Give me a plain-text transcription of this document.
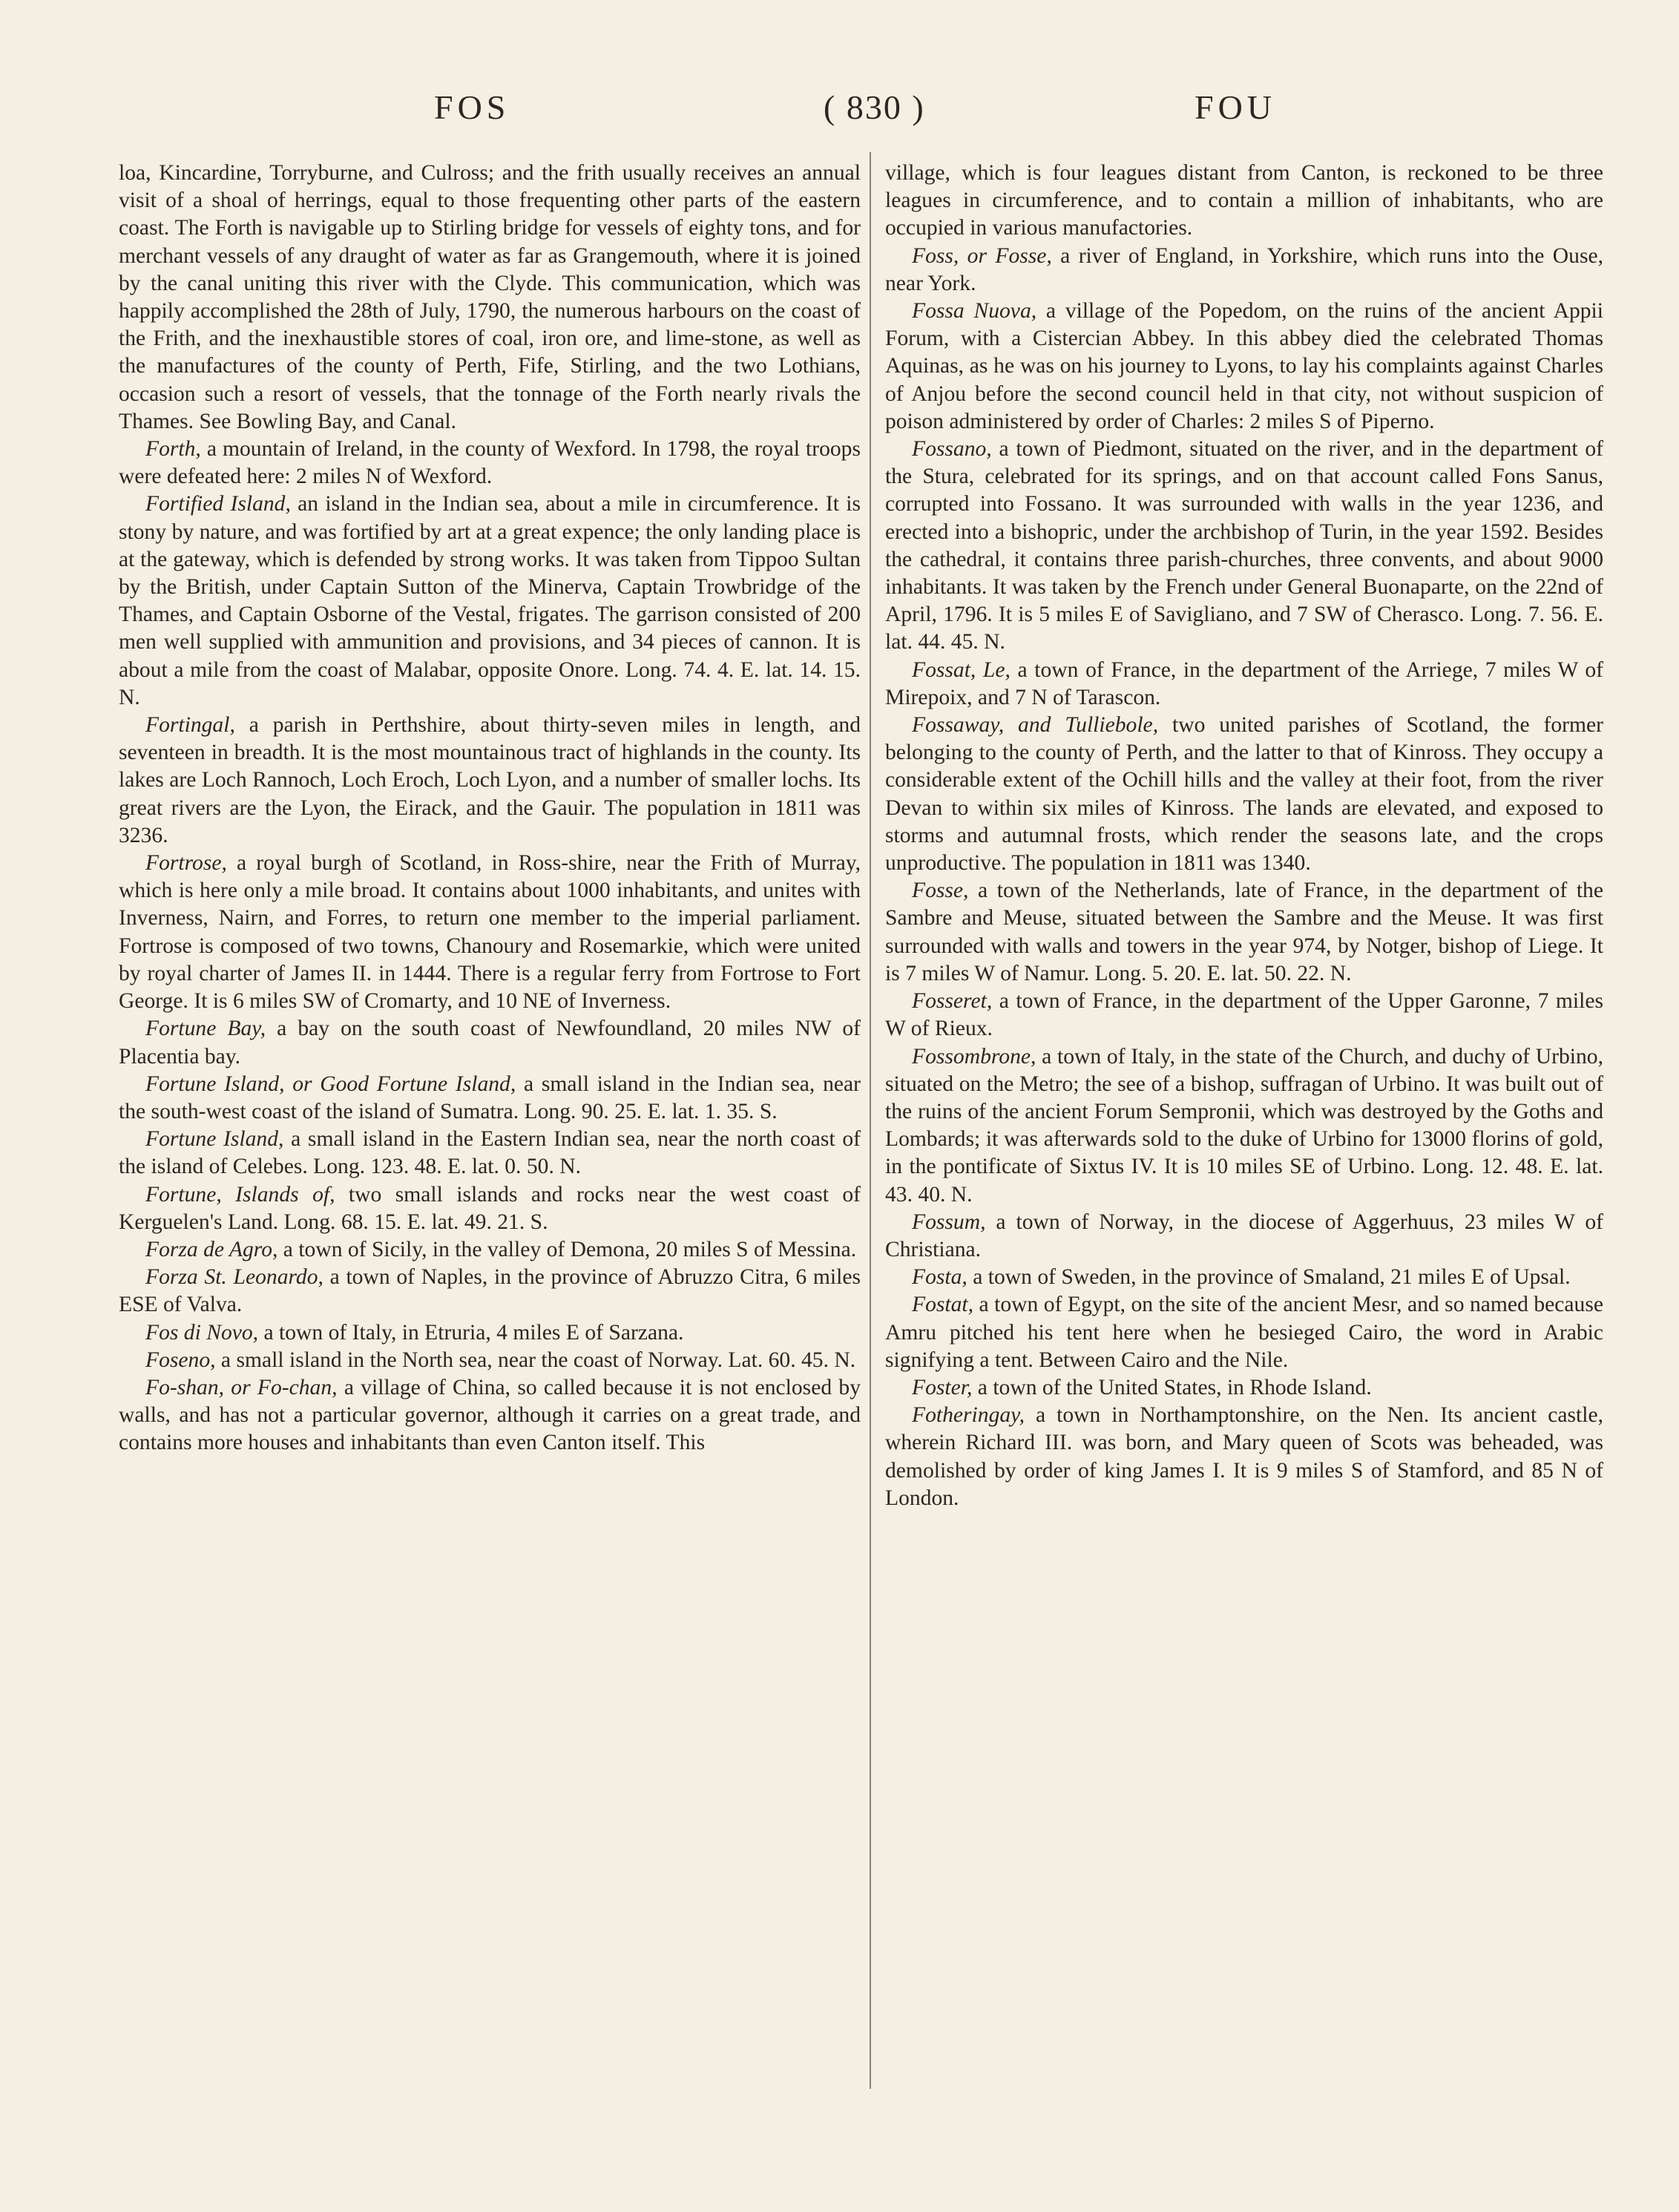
FOS	( 830 )	FOU

loa, Kincardine, Torryburne, and Culross; and the frith usually receives an annual visit of a shoal of herrings, equal to those frequenting other parts of the eastern coast. The Forth is navigable up to Stirling bridge for vessels of eighty tons, and for merchant vessels of any draught of water as far as Grangemouth, where it is joined by the canal uniting this river with the Clyde. This communication, which was happily accomplished the 28th of July, 1790, the numerous harbours on the coast of the Frith, and the inexhaustible stores of coal, iron ore, and lime-stone, as well as the manufactures of the county of Perth, Fife, Stirling, and the two Lothians, occasion such a resort of vessels, that the tonnage of the Forth nearly rivals the Thames. See Bowling Bay, and Canal.

Forth, a mountain of Ireland, in the county of Wexford. In 1798, the royal troops were defeated here: 2 miles N of Wexford.

Fortified Island, an island in the Indian sea, about a mile in circumference. It is stony by nature, and was fortified by art at a great expence; the only landing place is at the gateway, which is defended by strong works. It was taken from Tippoo Sultan by the British, under Captain Sutton of the Minerva, Captain Trowbridge of the Thames, and Captain Osborne of the Vestal, frigates. The garrison consisted of 200 men well supplied with ammunition and provisions, and 34 pieces of cannon. It is about a mile from the coast of Malabar, opposite Onore. Long. 74. 4. E. lat. 14. 15. N.

Fortingal, a parish in Perthshire, about thirty-seven miles in length, and seventeen in breadth. It is the most mountainous tract of highlands in the county. Its lakes are Loch Rannoch, Loch Eroch, Loch Lyon, and a number of smaller lochs. Its great rivers are the Lyon, the Eirack, and the Gauir. The population in 1811 was 3236.

Fortrose, a royal burgh of Scotland, in Ross-shire, near the Frith of Murray, which is here only a mile broad. It contains about 1000 inhabitants, and unites with Inverness, Nairn, and Forres, to return one member to the imperial parliament. Fortrose is composed of two towns, Chanoury and Rosemarkie, which were united by royal charter of James II. in 1444. There is a regular ferry from Fortrose to Fort George. It is 6 miles SW of Cromarty, and 10 NE of Inverness.

Fortune Bay, a bay on the south coast of Newfoundland, 20 miles NW of Placentia bay.

Fortune Island, or Good Fortune Island, a small island in the Indian sea, near the south-west coast of the island of Sumatra. Long. 90. 25. E. lat. 1. 35. S.

Fortune Island, a small island in the Eastern Indian sea, near the north coast of the island of Celebes. Long. 123. 48. E. lat. 0. 50. N.

Fortune, Islands of, two small islands and rocks near the west coast of Kerguelen's Land. Long. 68. 15. E. lat. 49. 21. S.

Forza de Agro, a town of Sicily, in the valley of Demona, 20 miles S of Messina.

Forza St. Leonardo, a town of Naples, in the province of Abruzzo Citra, 6 miles ESE of Valva.

Fos di Novo, a town of Italy, in Etruria, 4 miles E of Sarzana.

Foseno, a small island in the North sea, near the coast of Norway. Lat. 60. 45. N.

Fo-shan, or Fo-chan, a village of China, so called because it is not enclosed by walls, and has not a particular governor, although it carries on a great trade, and contains more houses and inhabitants than even Canton itself. This

village, which is four leagues distant from Canton, is reckoned to be three leagues in circumference, and to contain a million of inhabitants, who are occupied in various manufactories.

Foss, or Fosse, a river of England, in Yorkshire, which runs into the Ouse, near York.

Fossa Nuova, a village of the Popedom, on the ruins of the ancient Appii Forum, with a Cistercian Abbey. In this abbey died the celebrated Thomas Aquinas, as he was on his journey to Lyons, to lay his complaints against Charles of Anjou before the second council held in that city, not without suspicion of poison administered by order of Charles: 2 miles S of Piperno.

Fossano, a town of Piedmont, situated on the river, and in the department of the Stura, celebrated for its springs, and on that account called Fons Sanus, corrupted into Fossano. It was surrounded with walls in the year 1236, and erected into a bishopric, under the archbishop of Turin, in the year 1592. Besides the cathedral, it contains three parish-churches, three convents, and about 9000 inhabitants. It was taken by the French under General Buonaparte, on the 22nd of April, 1796. It is 5 miles E of Savigliano, and 7 SW of Cherasco. Long. 7. 56. E. lat. 44. 45. N.

Fossat, Le, a town of France, in the department of the Arriege, 7 miles W of Mirepoix, and 7 N of Tarascon.

Fossaway, and Tulliebole, two united parishes of Scotland, the former belonging to the county of Perth, and the latter to that of Kinross. They occupy a considerable extent of the Ochill hills and the valley at their foot, from the river Devan to within six miles of Kinross. The lands are elevated, and exposed to storms and autumnal frosts, which render the seasons late, and the crops unproductive. The population in 1811 was 1340.

Fosse, a town of the Netherlands, late of France, in the department of the Sambre and Meuse, situated between the Sambre and the Meuse. It was first surrounded with walls and towers in the year 974, by Notger, bishop of Liege. It is 7 miles W of Namur. Long. 5. 20. E. lat. 50. 22. N.

Fosseret, a town of France, in the department of the Upper Garonne, 7 miles W of Rieux.

Fossombrone, a town of Italy, in the state of the Church, and duchy of Urbino, situated on the Metro; the see of a bishop, suffragan of Urbino. It was built out of the ruins of the ancient Forum Sempronii, which was destroyed by the Goths and Lombards; it was afterwards sold to the duke of Urbino for 13000 florins of gold, in the pontificate of Sixtus IV. It is 10 miles SE of Urbino. Long. 12. 48. E. lat. 43. 40. N.

Fossum, a town of Norway, in the diocese of Aggerhuus, 23 miles W of Christiana.

Fosta, a town of Sweden, in the province of Smaland, 21 miles E of Upsal.

Fostat, a town of Egypt, on the site of the ancient Mesr, and so named because Amru pitched his tent here when he besieged Cairo, the word in Arabic signifying a tent. Between Cairo and the Nile.

Foster, a town of the United States, in Rhode Island.

Fotheringay, a town in Northamptonshire, on the Nen. Its ancient castle, wherein Richard III. was born, and Mary queen of Scots was beheaded, was demolished by order of king James I. It is 9 miles S of Stamford, and 85 N of London.
